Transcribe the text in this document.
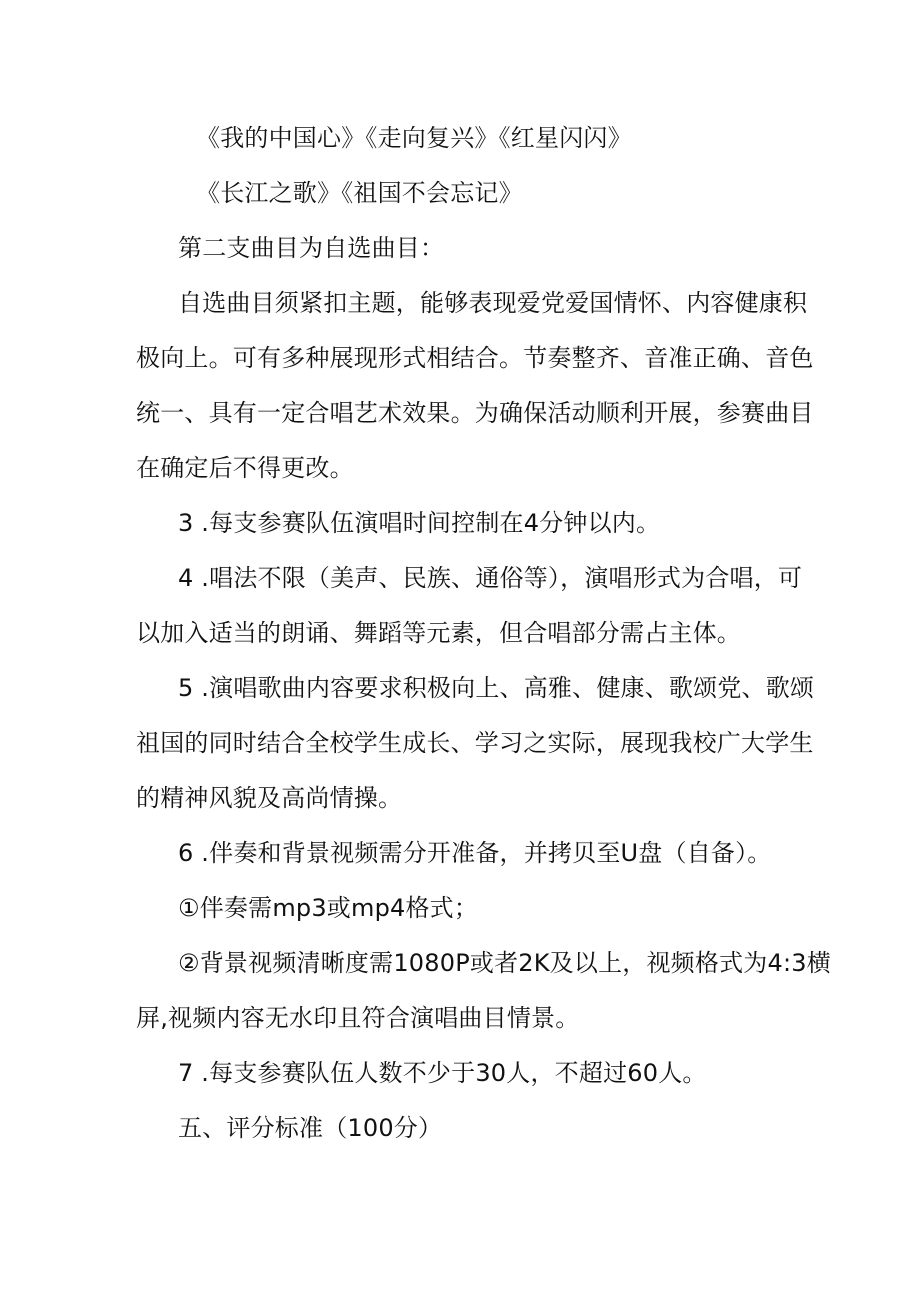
《我的中国心》《走向复兴》《红星闪闪》
《长江之歌》《祖国不会忘记》
第二支曲目为自选曲目：
自选曲目须紧扣主题，能够表现爱党爱国情怀、内容健康积
极向上。可有多种展现形式相结合。节奏整齐、音准正确、音色
统一、具有一定合唱艺术效果。为确保活动顺利开展，参赛曲目
在确定后不得更改。
3 .每支参赛队伍演唱时间控制在4分钟以内。
4 .唱法不限（美声、民族、通俗等），演唱形式为合唱，可
以加入适当的朗诵、舞蹈等元素，但合唱部分需占主体。
5 .演唱歌曲内容要求积极向上、高雅、健康、歌颂党、歌颂
祖国的同时结合全校学生成长、学习之实际，展现我校广大学生
的精神风貌及高尚情操。
6 .伴奏和背景视频需分开准备，并拷贝至U盘（自备）。
①伴奏需mp3或mp4格式；
②背景视频清晰度需1080P或者2K及以上，视频格式为4:3横
屏,视频内容无水印且符合演唱曲目情景。
7 .每支参赛队伍人数不少于30人，不超过60人。
五、评分标准（100分）
